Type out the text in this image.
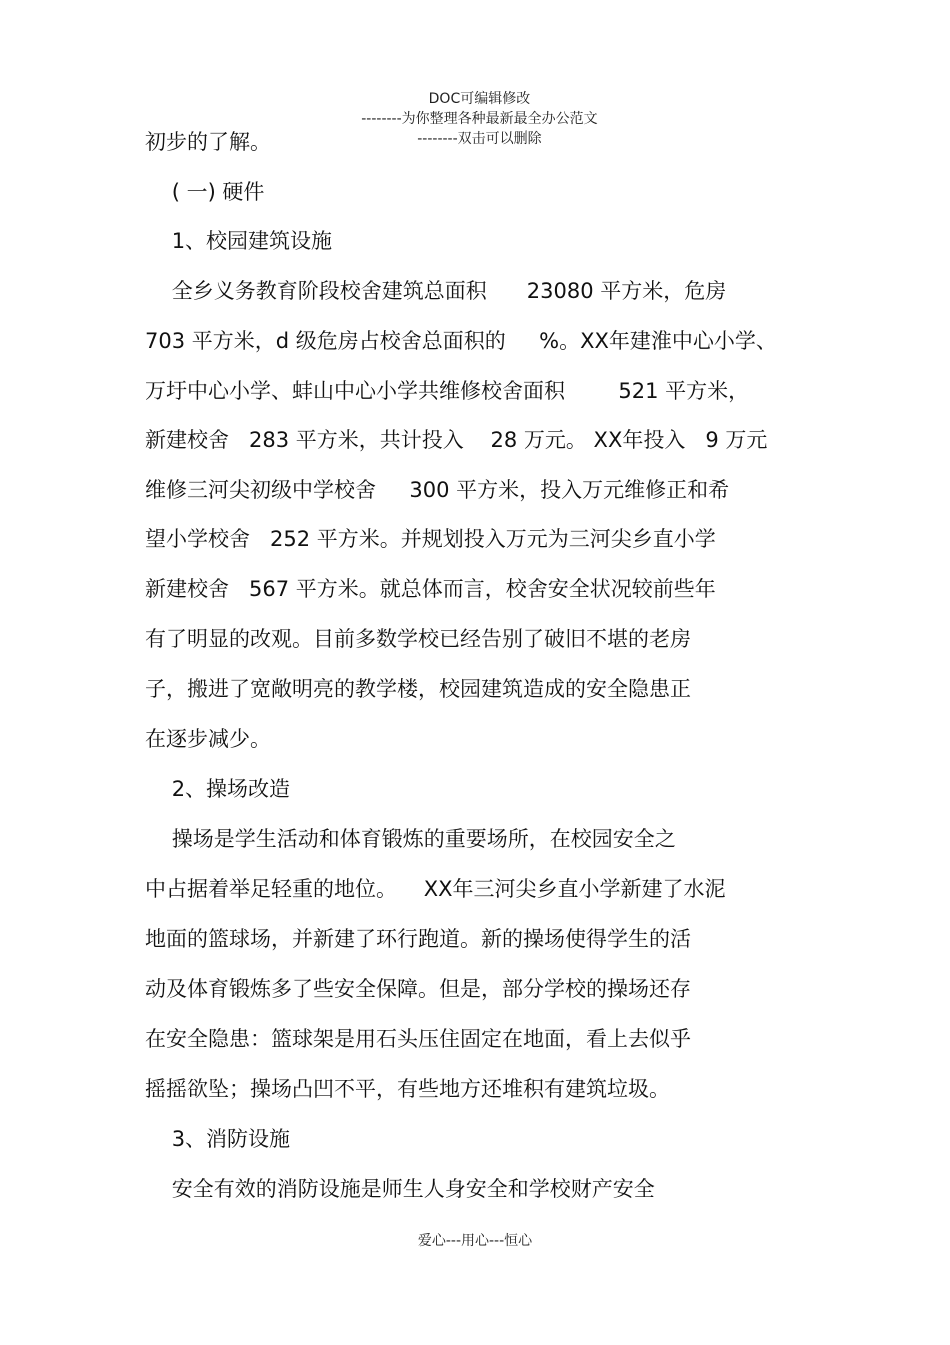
DOC可编辑修改
--------为你整理各种最新最全办公范文
--------双击可以删除

初步的了解。
( 一) 硬件
1、校园建筑设施
全乡义务教育阶段校舍建筑总面积      23080 平方米，危房
703 平方米，d 级危房占校舍总面积的     %。XX年建淮中心小学、
万圩中心小学、蚌山中心小学共维修校舍面积        521 平方米，
新建校舍   283 平方米，共计投入    28 万元。 XX年投入   9 万元
维修三河尖初级中学校舍     300 平方米，投入万元维修正和希
望小学校舍   252 平方米。并规划投入万元为三河尖乡直小学
新建校舍   567 平方米。就总体而言，校舍安全状况较前些年
有了明显的改观。目前多数学校已经告别了破旧不堪的老房
子，搬进了宽敞明亮的教学楼，校园建筑造成的安全隐患正
在逐步减少。
2、操场改造
操场是学生活动和体育锻炼的重要场所，在校园安全之
中占据着举足轻重的地位。    XX年三河尖乡直小学新建了水泥
地面的篮球场，并新建了环行跑道。新的操场使得学生的活
动及体育锻炼多了些安全保障。但是，部分学校的操场还存
在安全隐患：篮球架是用石头压住固定在地面，看上去似乎
摇摇欲坠；操场凸凹不平，有些地方还堆积有建筑垃圾。
3、消防设施
安全有效的消防设施是师生人身安全和学校财产安全
爱心---用心---恒心
